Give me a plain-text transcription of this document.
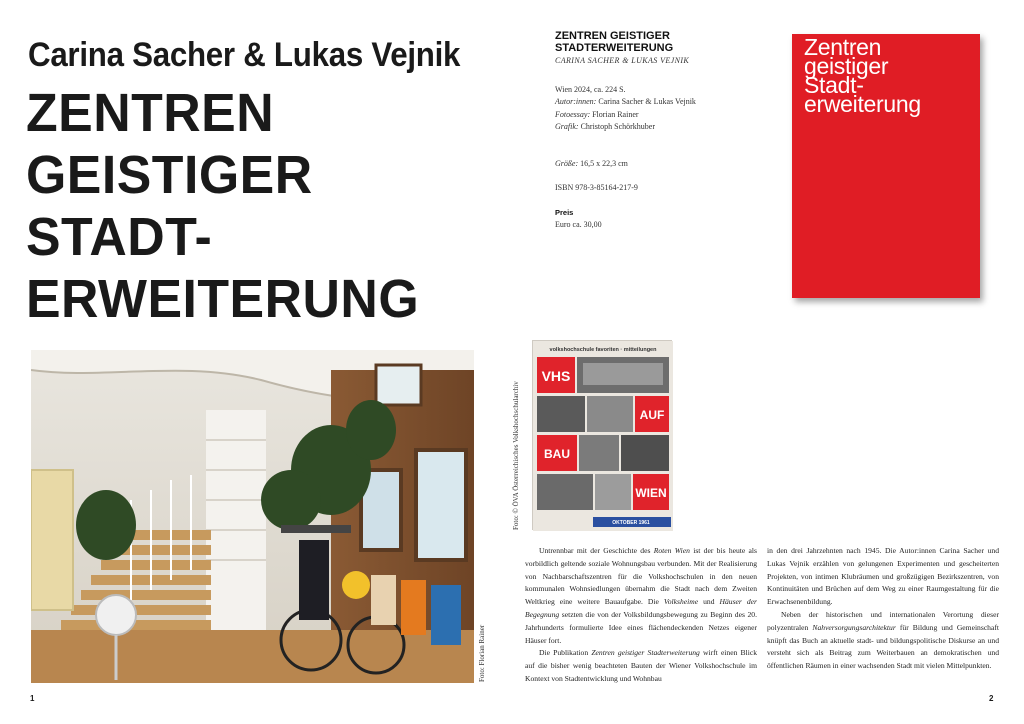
Carina Sacher & Lukas Vejnik
ZENTREN
GEISTIGER
STADT-
ERWEITERUNG
Foto: Florian Rainer
1
ZENTREN GEISTIGER
STADTERWEITERUNG
CARINA SACHER & LUKAS VEJNIK
Wien 2024, ca. 224 S.
Autor:innen: Carina Sacher & Lukas Vejnik
Fotoessay: Florian Rainer
Grafik: Christoph Schörkhuber
Größe: 16,5 x 22,3 cm
ISBN 978-3-85164-217-9
Preis
Euro ca. 30,00
Zentren
geistiger
Stadt-
erweiterung
volkshochschule favoriten · mitteilungen
VHS
AUF
BAU
WIEN
OKTOBER 1961
Foto: © ÖVA Österreichisches Volkshochschularchiv

Untrennbar mit der Geschichte des Roten Wien ist der bis heute als vorbildlich geltende soziale Wohnungsbau verbunden. Mit der Realisierung von Nachbarschaftszentren für die Volkshochschulen in den neuen kommunalen Wohnsiedlungen übernahm die Stadt nach dem Zweiten Weltkrieg eine weitere Bauaufgabe. Die Volksheime und Häuser der Begegnung setzten die von der Volksbildungsbewegung zu Beginn des 20. Jahrhunderts formulierte Idee eines flächendeckenden Netzes eigener Häuser fort.

Die Publikation Zentren geistiger Stadterweiterung wirft einen Blick auf die bisher wenig beachteten Bauten der Wiener Volkshochschule im Kontext von Stadtentwicklung und Wohnbau

in den drei Jahrzehnten nach 1945. Die Autor:innen Carina Sacher und Lukas Vejnik erzählen von gelungenen Experimenten und gescheiterten Projekten, von intimen Klubräumen und großzügigen Bezirkszentren, von Kontinuitäten und Brüchen auf dem Weg zu einer Raumgestaltung für die Erwachsenenbildung.

Neben der historischen und internationalen Verortung dieser polyzentralen Nahversorgungsarchitektur für Bildung und Gemeinschaft knüpft das Buch an aktuelle stadt- und bildungspolitische Diskurse an und versteht sich als Beitrag zum Weiterbauen an demokratischen und öffentlichen Räumen in einer wachsenden Stadt mit vielen Mittelpunkten.

2
